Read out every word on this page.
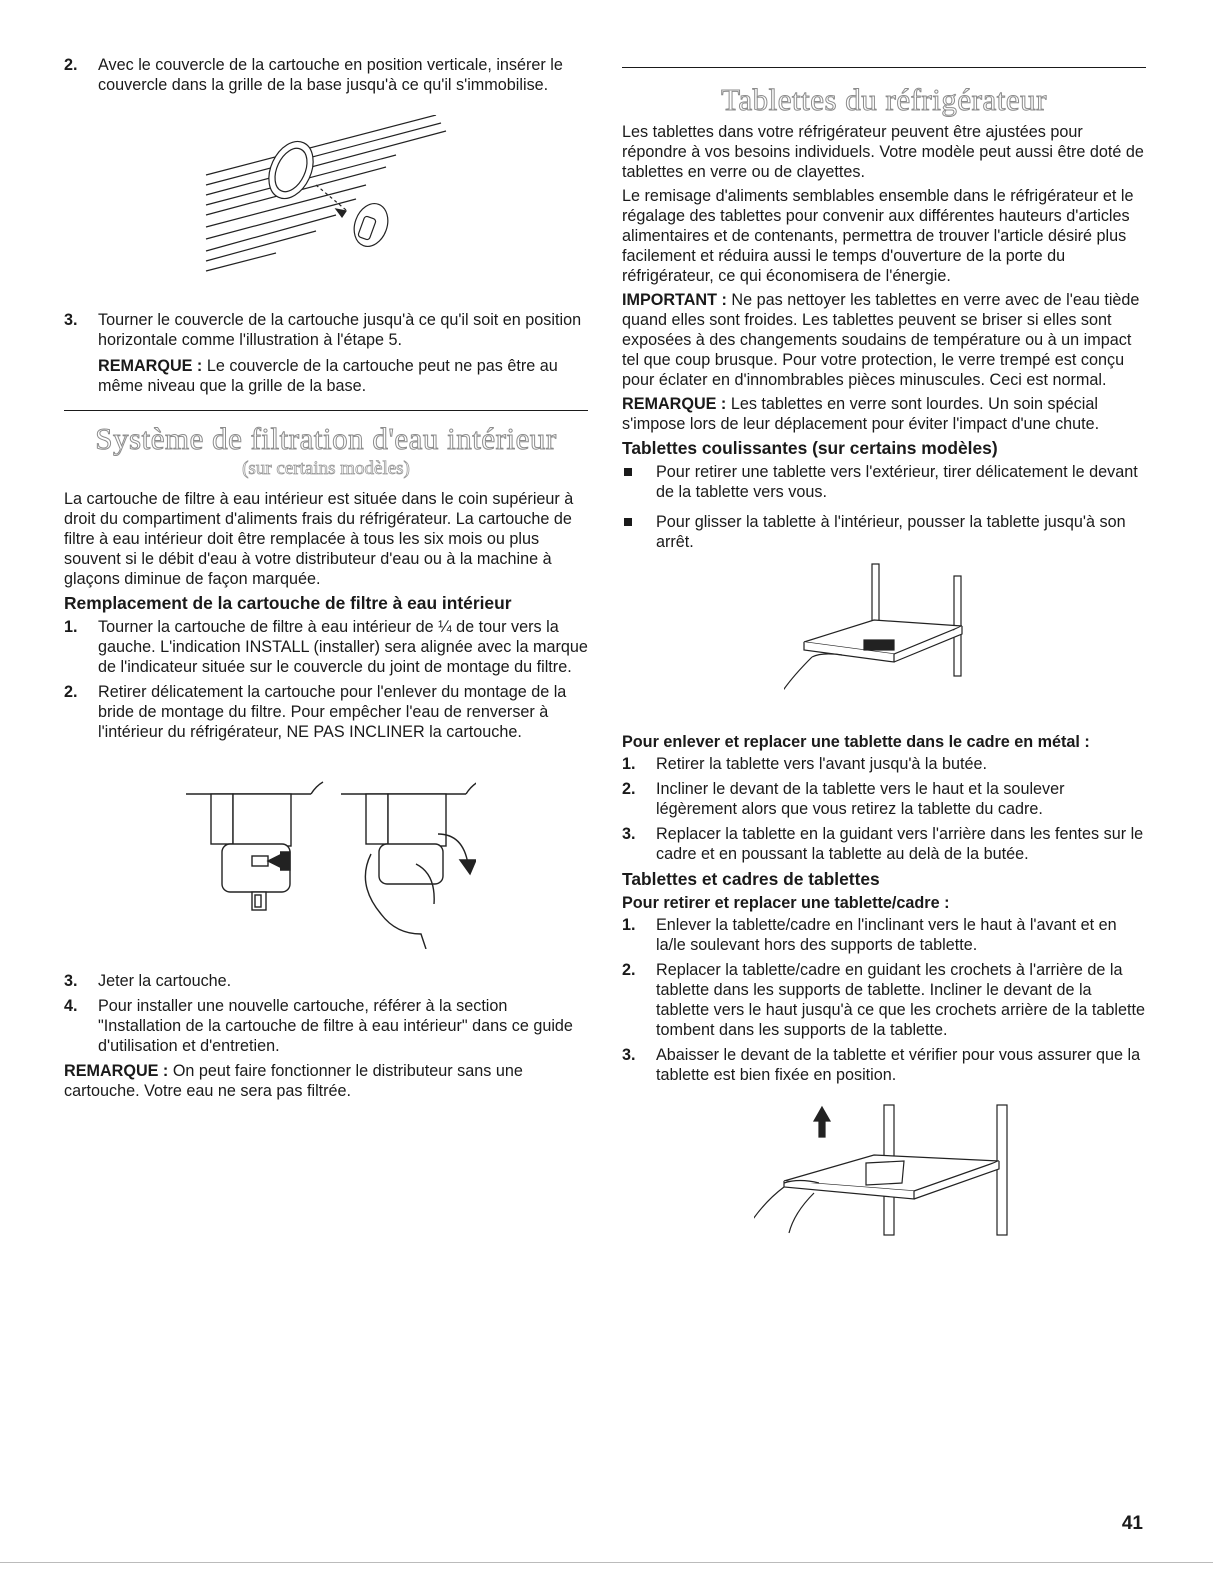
2. Avec le couvercle de la cartouche en position verticale, insérer le couvercle dans la grille de la base jusqu'à ce qu'il s'immobilise.
3. Tourner le couvercle de la cartouche jusqu'à ce qu'il soit en position horizontale comme l'illustration à l'étape 5.

REMARQUE : Le couvercle de la cartouche peut ne pas être au même niveau que la grille de la base.

Système de filtration d'eau intérieur
(sur certains modèles)

La cartouche de filtre à eau intérieur est située dans le coin supérieur à droit du compartiment d'aliments frais du réfrigérateur. La cartouche de filtre à eau intérieur doit être remplacée à tous les six mois ou plus souvent si le débit d'eau à votre distributeur d'eau ou à la machine à glaçons diminue de façon marquée.

Remplacement de la cartouche de filtre à eau intérieur
1. Tourner la cartouche de filtre à eau intérieur de ¼ de tour vers la gauche. L'indication INSTALL (installer) sera alignée avec la marque de l'indicateur située sur le couvercle du joint de montage du filtre.
2. Retirer délicatement la cartouche pour l'enlever du montage de la bride de montage du filtre. Pour empêcher l'eau de renverser à l'intérieur du réfrigérateur, NE PAS INCLINER la cartouche.
3. Jeter la cartouche.
4. Pour installer une nouvelle cartouche, référer à la section "Installation de la cartouche de filtre à eau intérieur" dans ce guide d'utilisation et d'entretien.

REMARQUE : On peut faire fonctionner le distributeur sans une cartouche. Votre eau ne sera pas filtrée.

Tablettes du réfrigérateur

Les tablettes dans votre réfrigérateur peuvent être ajustées pour répondre à vos besoins individuels. Votre modèle peut aussi être doté de tablettes en verre ou de clayettes.

Le remisage d'aliments semblables ensemble dans le réfrigérateur et le régalage des tablettes pour convenir aux différentes hauteurs d'articles alimentaires et de contenants, permettra de trouver l'article désiré plus facilement et réduira aussi le temps d'ouverture de la porte du réfrigérateur, ce qui économisera de l'énergie.

IMPORTANT : Ne pas nettoyer les tablettes en verre avec de l'eau tiède quand elles sont froides. Les tablettes peuvent se briser si elles sont exposées à des changements soudains de température ou à un impact tel que coup brusque. Pour votre protection, le verre trempé est conçu pour éclater en d'innombrables pièces minuscules. Ceci est normal.

REMARQUE : Les tablettes en verre sont lourdes. Un soin spécial s'impose lors de leur déplacement pour éviter l'impact d'une chute.

Tablettes coulissantes (sur certains modèles)
Pour retirer une tablette vers l'extérieur, tirer délicatement le devant de la tablette vers vous.
Pour glisser la tablette à l'intérieur, pousser la tablette jusqu'à son arrêt.
Pour enlever et replacer une tablette dans le cadre en métal :
1. Retirer la tablette vers l'avant jusqu'à la butée.
2. Incliner le devant de la tablette vers le haut et la soulever légèrement alors que vous retirez la tablette du cadre.
3. Replacer la tablette en la guidant vers l'arrière dans les fentes sur le cadre et en poussant la tablette au delà de la butée.
Tablettes et cadres de tablettes
Pour retirer et replacer une tablette/cadre :
1. Enlever la tablette/cadre en l'inclinant vers le haut à l'avant et en la/le soulevant hors des supports de tablette.
2. Replacer la tablette/cadre en guidant les crochets à l'arrière de la tablette dans les supports de tablette. Incliner le devant de la tablette vers le haut jusqu'à ce que les crochets arrière de la tablette tombent dans les supports de la tablette.
3. Abaisser le devant de la tablette et vérifier pour vous assurer que la tablette est bien fixée en position.
41
